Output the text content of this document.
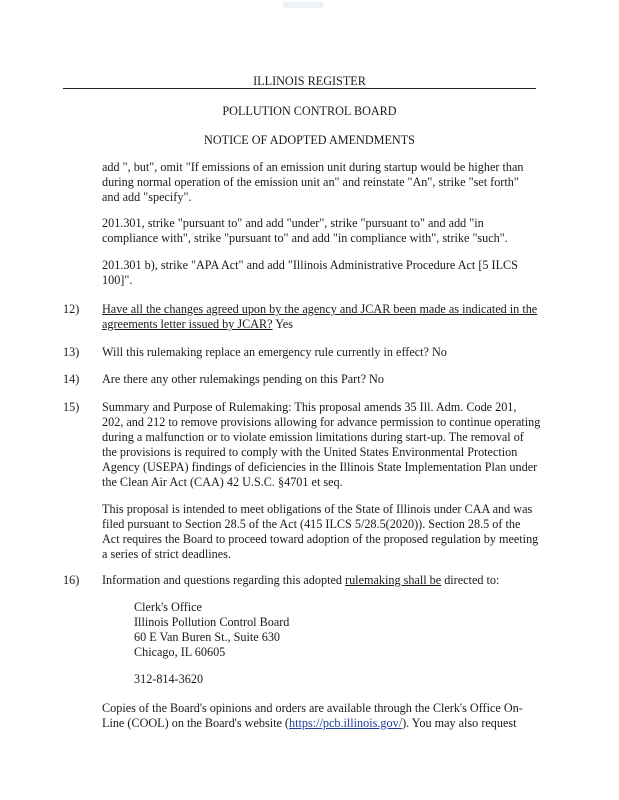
ILLINOIS REGISTER
POLLUTION CONTROL BOARD
NOTICE OF ADOPTED AMENDMENTS
add ", but", omit "If emissions of an emission unit during startup would be higher than
during normal operation of the emission unit an" and reinstate "An", strike "set forth"
and add "specify".
201.301, strike "pursuant to" and add "under", strike "pursuant to" and add "in
compliance with", strike "pursuant to" and add "in compliance with", strike "such".
201.301 b), strike "APA Act" and add "Illinois Administrative Procedure Act [5 ILCS
100]".
12) Have all the changes agreed upon by the agency and JCAR been made as indicated in the
agreements letter issued by JCAR? Yes
13) Will this rulemaking replace an emergency rule currently in effect? No
14) Are there any other rulemakings pending on this Part? No
15) Summary and Purpose of Rulemaking: This proposal amends 35 Ill. Adm. Code 201,
202, and 212 to remove provisions allowing for advance permission to continue operating
during a malfunction or to violate emission limitations during start-up. The removal of
the provisions is required to comply with the United States Environmental Protection
Agency (USEPA) findings of deficiencies in the Illinois State Implementation Plan under
the Clean Air Act (CAA) 42 U.S.C. §4701 et seq.
This proposal is intended to meet obligations of the State of Illinois under CAA and was
filed pursuant to Section 28.5 of the Act (415 ILCS 5/28.5(2020)). Section 28.5 of the
Act requires the Board to proceed toward adoption of the proposed regulation by meeting
a series of strict deadlines.
16) Information and questions regarding this adopted rulemaking shall be directed to:
Clerk's Office
Illinois Pollution Control Board
60 E Van Buren St., Suite 630
Chicago, IL 60605
312-814-3620
Copies of the Board's opinions and orders are available through the Clerk's Office On-
Line (COOL) on the Board's website (https://pcb.illinois.gov/). You may also request
